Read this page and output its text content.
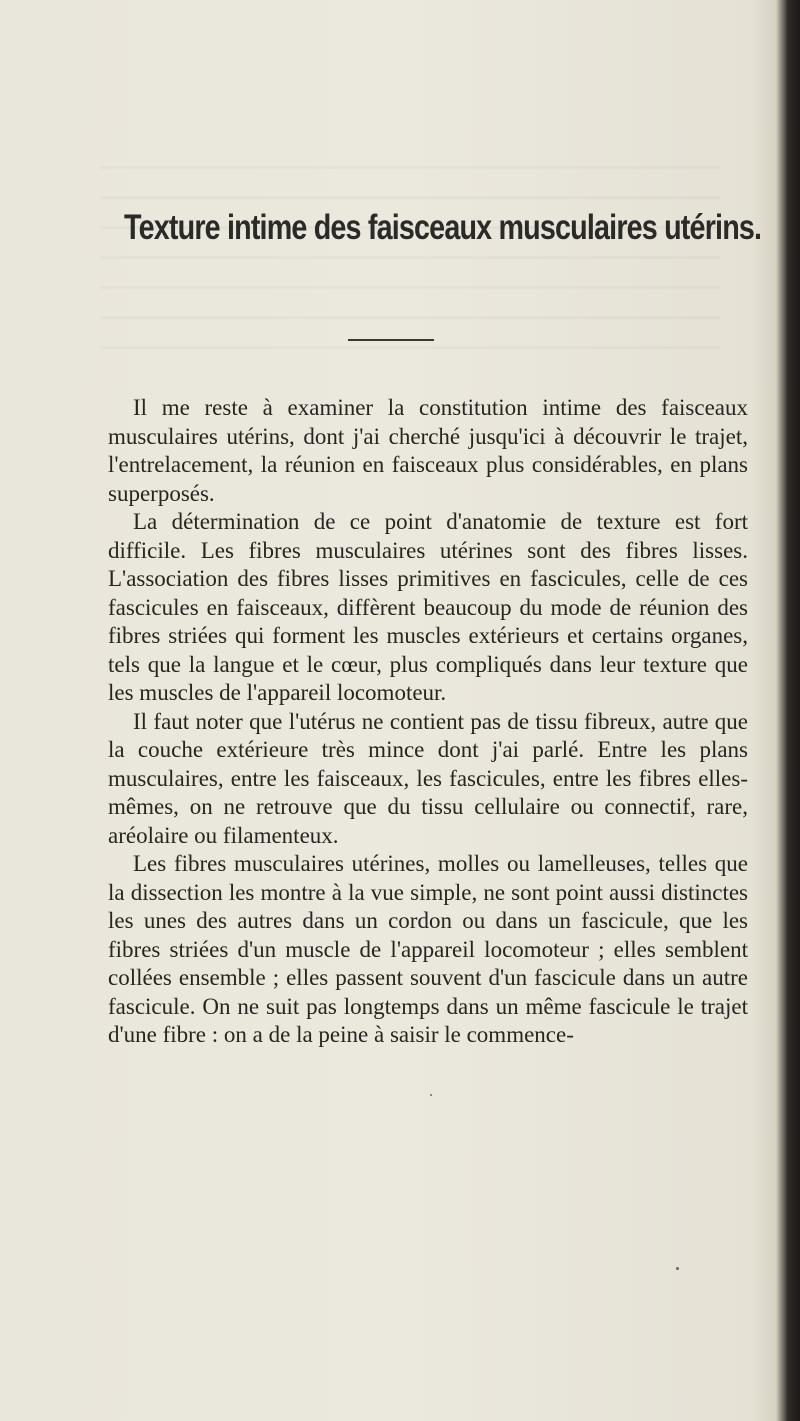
Texture intime des faisceaux musculaires utérins.

Il me reste à examiner la constitution intime des faisceaux musculaires utérins, dont j'ai cherché jusqu'ici à découvrir le trajet, l'entrelacement, la réunion en faisceaux plus considérables, en plans superposés.

La détermination de ce point d'anatomie de texture est fort difficile. Les fibres musculaires utérines sont des fibres lisses. L'association des fibres lisses primitives en fascicules, celle de ces fascicules en faisceaux, diffèrent beaucoup du mode de réunion des fibres striées qui forment les muscles extérieurs et certains organes, tels que la langue et le cœur, plus compliqués dans leur texture que les muscles de l'appareil locomoteur.

Il faut noter que l'utérus ne contient pas de tissu fibreux, autre que la couche extérieure très mince dont j'ai parlé. Entre les plans musculaires, entre les faisceaux, les fascicules, entre les fibres elles-mêmes, on ne retrouve que du tissu cellulaire ou connectif, rare, aréolaire ou filamenteux.

Les fibres musculaires utérines, molles ou lamelleuses, telles que la dissection les montre à la vue simple, ne sont point aussi distinctes les unes des autres dans un cordon ou dans un fascicule, que les fibres striées d'un muscle de l'appareil locomoteur ; elles semblent collées ensemble ; elles passent souvent d'un fascicule dans un autre fascicule. On ne suit pas longtemps dans un même fascicule le trajet d'une fibre : on a de la peine à saisir le commence-
